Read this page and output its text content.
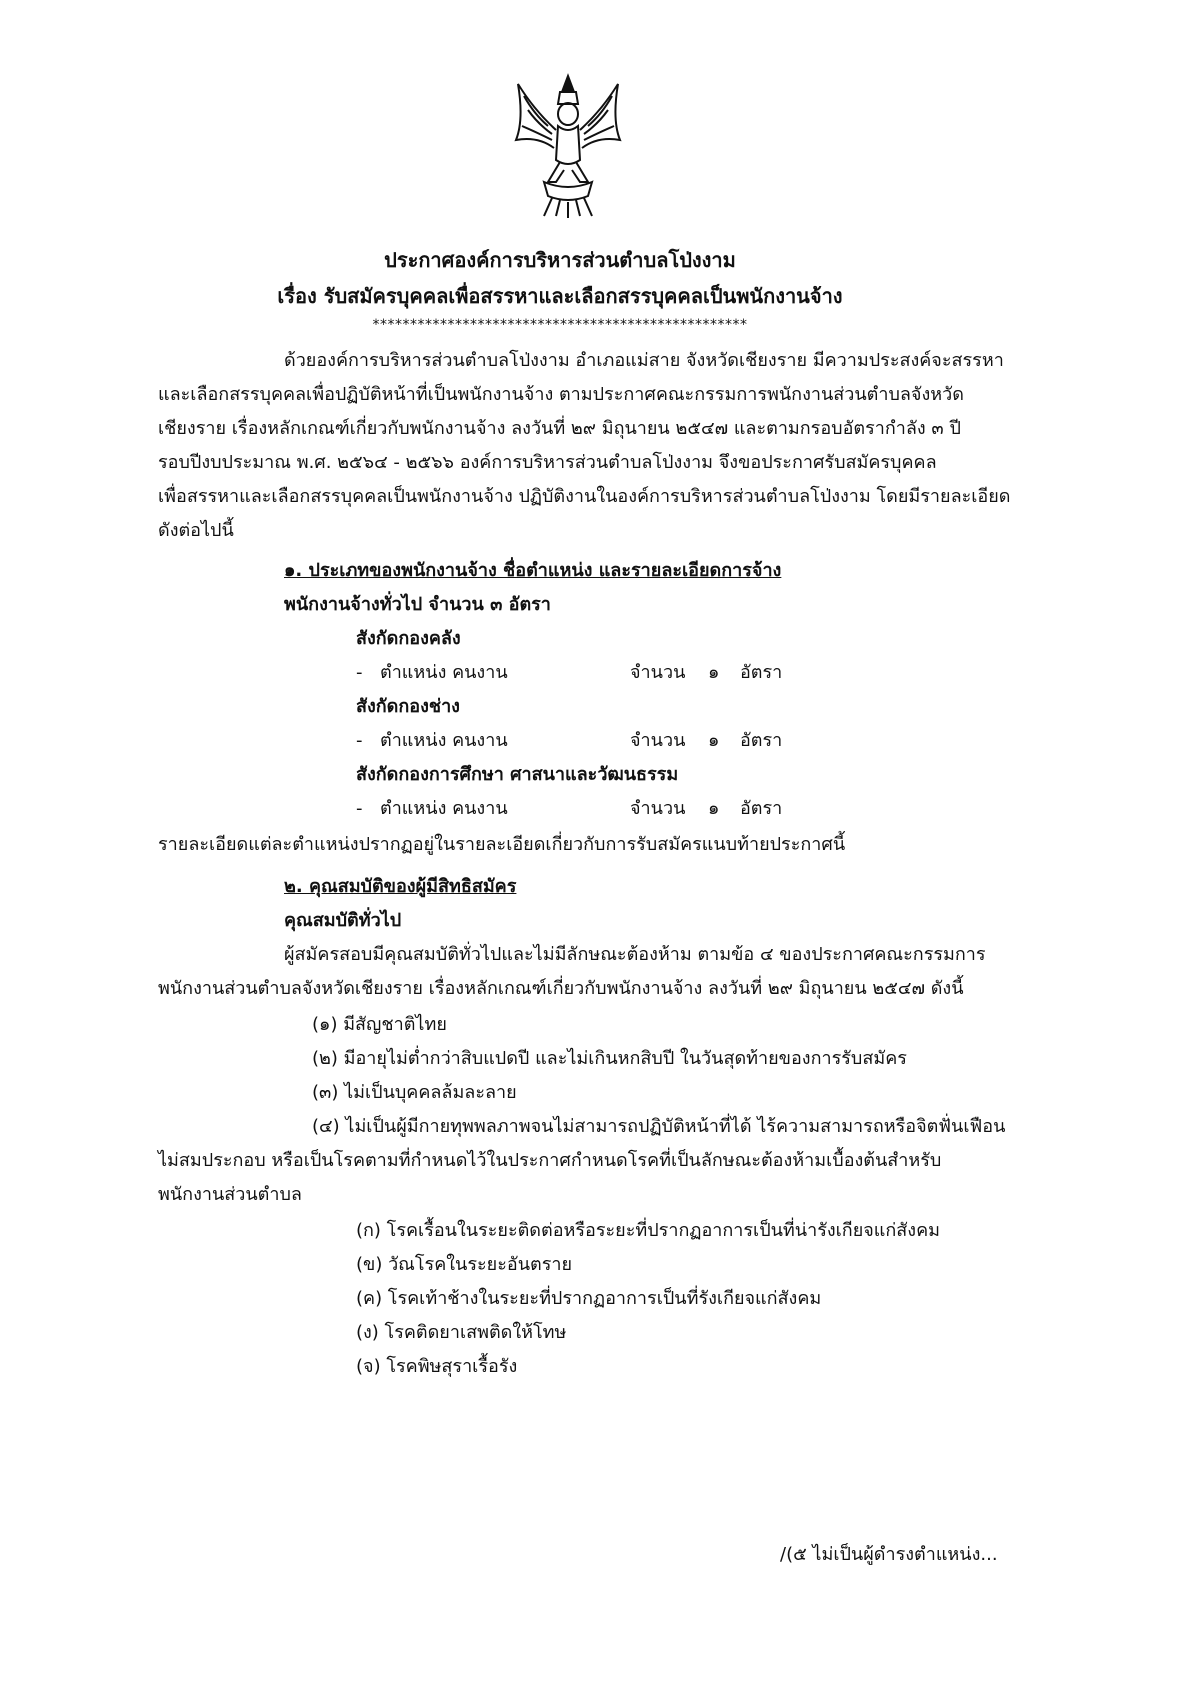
ประกาศองค์การบริหารส่วนตำบลโป่งงาม
เรื่อง รับสมัครบุคคลเพื่อสรรหาและเลือกสรรบุคคลเป็นพนักงานจ้าง
**************************************************
ด้วยองค์การบริหารส่วนตำบลโป่งงาม อำเภอแม่สาย จังหวัดเชียงราย มีความประสงค์จะสรรหา
และเลือกสรรบุคคลเพื่อปฏิบัติหน้าที่เป็นพนักงานจ้าง ตามประกาศคณะกรรมการพนักงานส่วนตำบลจังหวัด
เชียงราย เรื่องหลักเกณฑ์เกี่ยวกับพนักงานจ้าง ลงวันที่ ๒๙ มิถุนายน ๒๕๔๗ และตามกรอบอัตรากำลัง ๓ ปี
รอบปีงบประมาณ พ.ศ. ๒๕๖๔ - ๒๕๖๖ องค์การบริหารส่วนตำบลโป่งงาม จึงขอประกาศรับสมัครบุคคล
เพื่อสรรหาและเลือกสรรบุคคลเป็นพนักงานจ้าง ปฏิบัติงานในองค์การบริหารส่วนตำบลโป่งงาม โดยมีรายละเอียด
ดังต่อไปนี้
๑. ประเภทของพนักงานจ้าง ชื่อตำแหน่ง และรายละเอียดการจ้าง
พนักงานจ้างทั่วไป จำนวน ๓ อัตรา
สังกัดกองคลัง
- ตำแหน่ง คนงาน	จำนวน ๑ อัตรา
สังกัดกองช่าง
- ตำแหน่ง คนงาน	จำนวน ๑ อัตรา
สังกัดกองการศึกษา ศาสนาและวัฒนธรรม
- ตำแหน่ง คนงาน	จำนวน ๑ อัตรา
รายละเอียดแต่ละตำแหน่งปรากฏอยู่ในรายละเอียดเกี่ยวกับการรับสมัครแนบท้ายประกาศนี้
๒. คุณสมบัติของผู้มีสิทธิสมัคร
คุณสมบัติทั่วไป
ผู้สมัครสอบมีคุณสมบัติทั่วไปและไม่มีลักษณะต้องห้าม ตามข้อ ๔ ของประกาศคณะกรรมการ
พนักงานส่วนตำบลจังหวัดเชียงราย เรื่องหลักเกณฑ์เกี่ยวกับพนักงานจ้าง ลงวันที่ ๒๙ มิถุนายน ๒๕๔๗ ดังนี้
(๑) มีสัญชาติไทย
(๒) มีอายุไม่ต่ำกว่าสิบแปดปี และไม่เกินหกสิบปี ในวันสุดท้ายของการรับสมัคร
(๓) ไม่เป็นบุคคลล้มละลาย
(๔) ไม่เป็นผู้มีกายทุพพลภาพจนไม่สามารถปฏิบัติหน้าที่ได้ ไร้ความสามารถหรือจิตฟั่นเฟือน
ไม่สมประกอบ หรือเป็นโรคตามที่กำหนดไว้ในประกาศกำหนดโรคที่เป็นลักษณะต้องห้ามเบื้องต้นสำหรับ
พนักงานส่วนตำบล
(ก) โรคเรื้อนในระยะติดต่อหรือระยะที่ปรากฏอาการเป็นที่น่ารังเกียจแก่สังคม
(ข) วัณโรคในระยะอันตราย
(ค) โรคเท้าช้างในระยะที่ปรากฏอาการเป็นที่รังเกียจแก่สังคม
(ง) โรคติดยาเสพติดให้โทษ
(จ) โรคพิษสุราเรื้อรัง
/(๕ ไม่เป็นผู้ดำรงตำแหน่ง...
